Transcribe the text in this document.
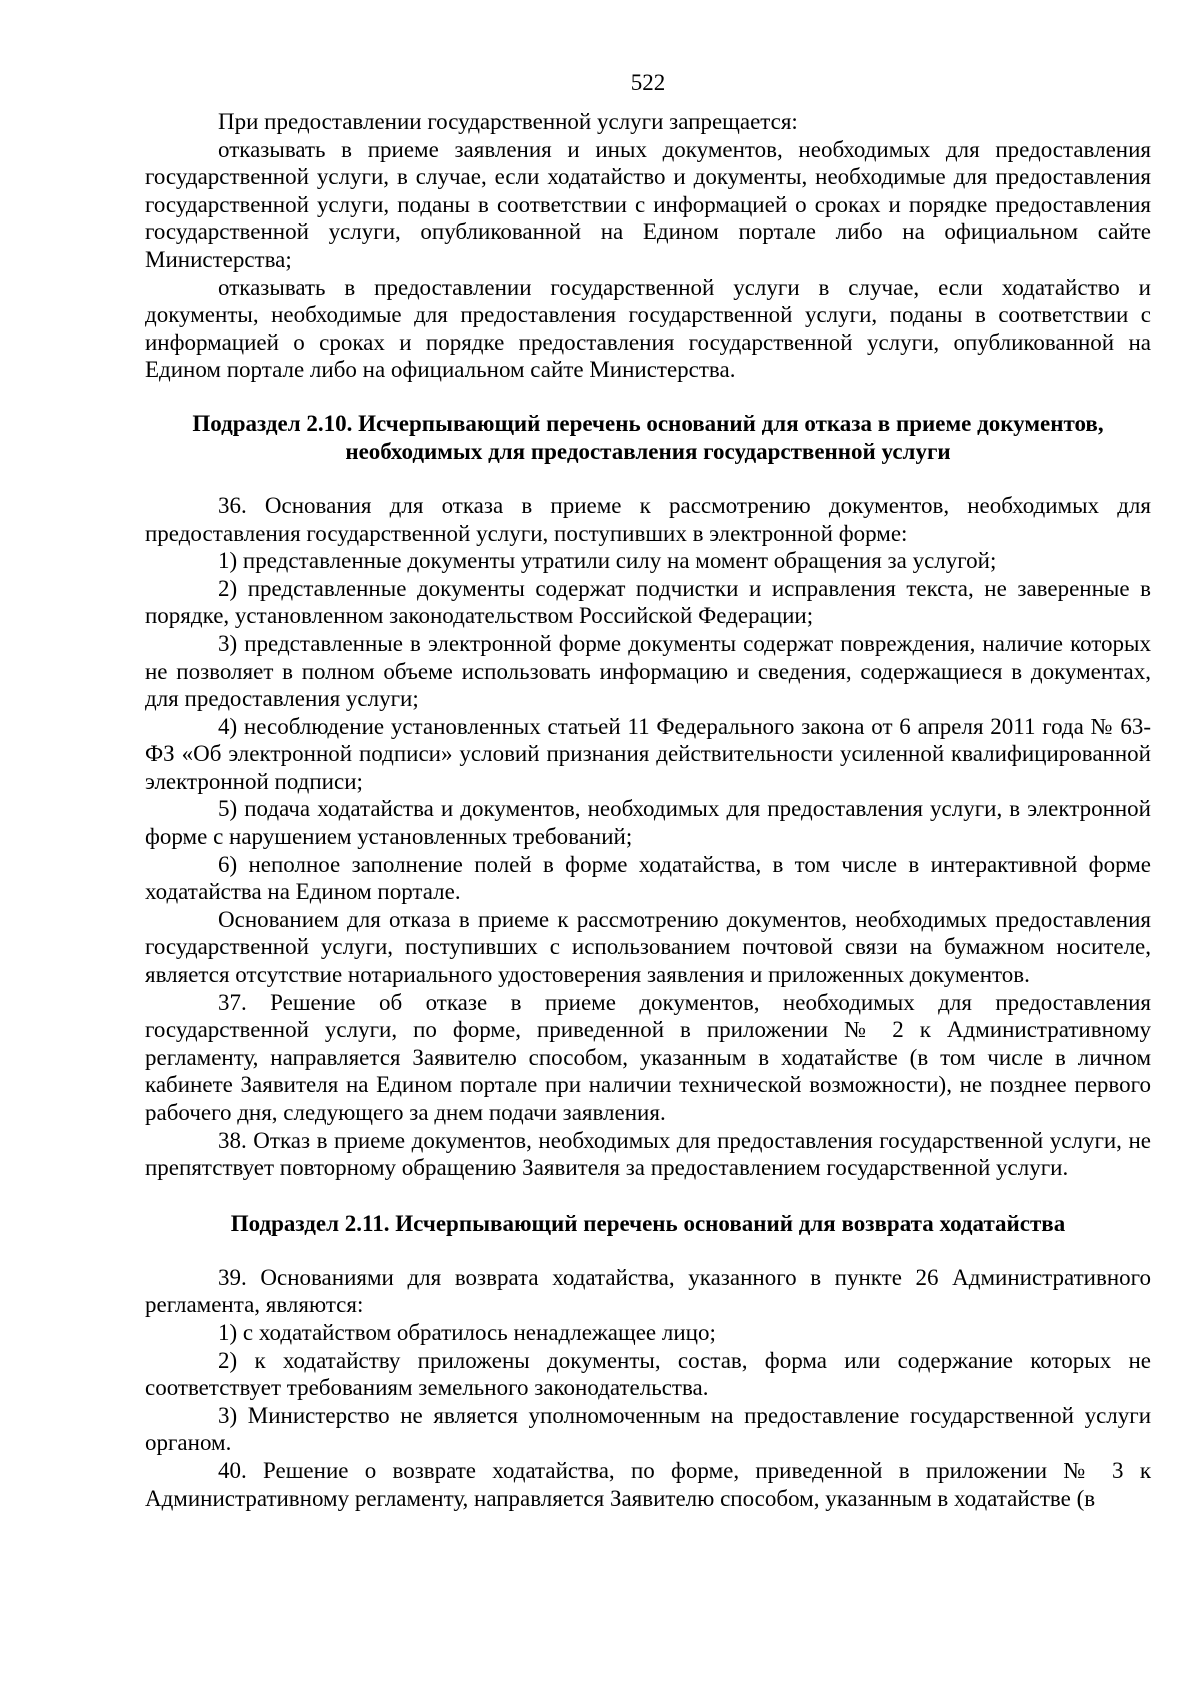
522

При предоставлении государственной услуги запрещается:

отказывать в приеме заявления и иных документов, необходимых для предоставления государственной услуги, в случае, если ходатайство и документы, необходимые для предоставления государственной услуги, поданы в соответствии с информацией о сроках и порядке предоставления государственной услуги, опубликованной на Едином портале либо на официальном сайте Министерства;

отказывать в предоставлении государственной услуги в случае, если ходатайство и документы, необходимые для предоставления государственной услуги, поданы в соответствии с информацией о сроках и порядке предоставления государственной услуги, опубликованной на Едином портале либо на официальном сайте Министерства.

Подраздел 2.10. Исчерпывающий перечень оснований для отказа в приеме документов,
необходимых для предоставления государственной услуги

36. Основания для отказа в приеме к рассмотрению документов, необходимых для предоставления государственной услуги, поступивших в электронной форме:

1) представленные документы утратили силу на момент обращения за услугой;

2) представленные документы содержат подчистки и исправления текста, не заверенные в порядке, установленном законодательством Российской Федерации;

3) представленные в электронной форме документы содержат повреждения, наличие которых не позволяет в полном объеме использовать информацию и сведения, содержащиеся в документах, для предоставления услуги;

4) несоблюдение установленных статьей 11 Федерального закона от 6 апреля 2011 года № 63-ФЗ «Об электронной подписи» условий признания действительности усиленной квалифицированной электронной подписи;

5) подача ходатайства и документов, необходимых для предоставления услуги, в электронной форме с нарушением установленных требований;

6) неполное заполнение полей в форме ходатайства, в том числе в интерактивной форме ходатайства на Едином портале.

Основанием для отказа в приеме к рассмотрению документов, необходимых предоставления государственной услуги, поступивших с использованием почтовой связи на бумажном носителе, является отсутствие нотариального удостоверения заявления и приложенных документов.

37. Решение об отказе в приеме документов, необходимых для предоставления государственной услуги, по форме, приведенной в приложении № 2 к Административному регламенту, направляется Заявителю способом, указанным в ходатайстве (в том числе в личном кабинете Заявителя на Едином портале при наличии технической возможности), не позднее первого рабочего дня, следующего за днем подачи заявления.

38. Отказ в приеме документов, необходимых для предоставления государственной услуги, не препятствует повторному обращению Заявителя за предоставлением государственной услуги.

Подраздел 2.11. Исчерпывающий перечень оснований для возврата ходатайства

39. Основаниями для возврата ходатайства, указанного в пункте 26 Административного регламента, являются:

1) с ходатайством обратилось ненадлежащее лицо;

2) к ходатайству приложены документы, состав, форма или содержание которых не соответствует требованиям земельного законодательства.

3) Министерство не является уполномоченным на предоставление государственной услуги органом.

40. Решение о возврате ходатайства, по форме, приведенной в приложении № 3 к Административному регламенту, направляется Заявителю способом, указанным в ходатайстве (в
